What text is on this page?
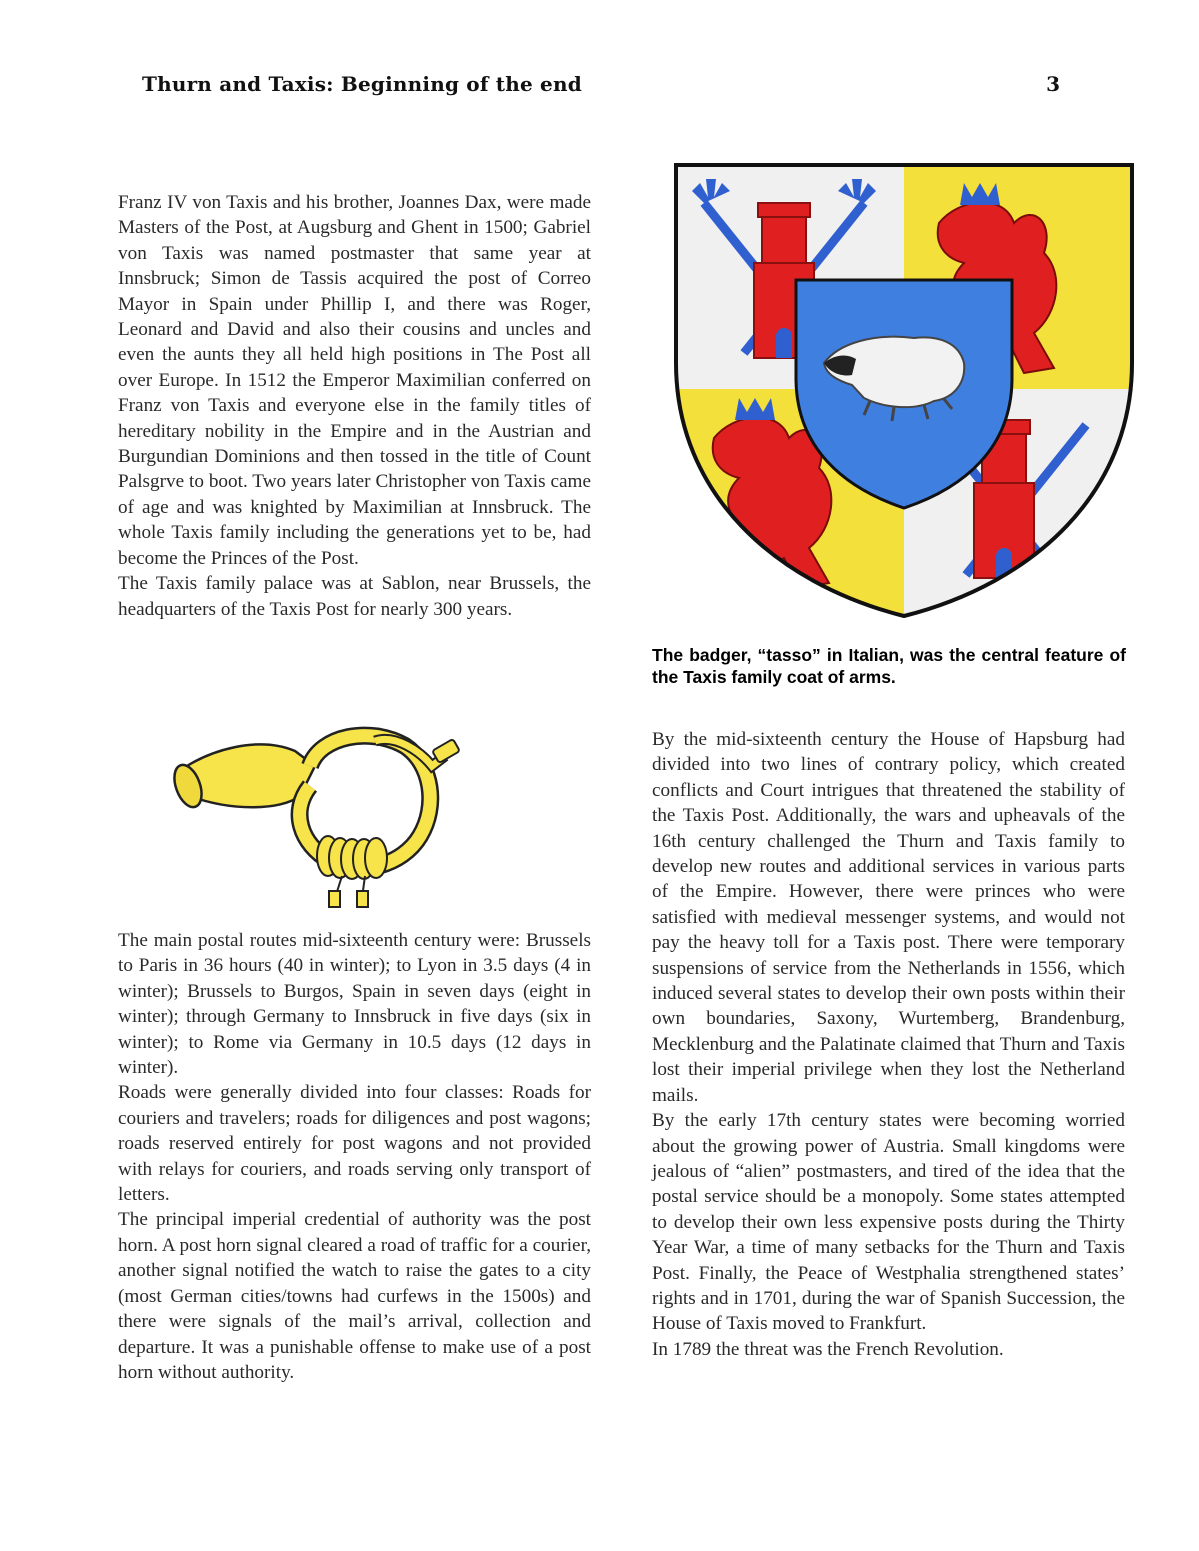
Thurn and Taxis: Beginning of the end	3

Franz IV von Taxis and his brother, Joannes Dax, were made Masters of the Post, at Augsburg and Ghent in 1500; Gabriel von Taxis was named postmaster that same year at Innsbruck; Simon de Tassis acquired the post of Correo Mayor in Spain under Phillip I, and there was Roger, Leonard and David and also their cousins and uncles and even the aunts they all held high positions in The Post all over Europe. In 1512 the Emperor Maximilian conferred on Franz von Taxis and everyone else in the family titles of hereditary nobility in the Empire and in the Austrian and Burgundian Dominions and then tossed in the title of Count Palsgrve to boot. Two years later Christopher von Taxis came of age and was knighted by Maximilian at Innsbruck. The whole Taxis family including the generations yet to be, had become the Princes of the Post.

The Taxis family palace was at Sablon, near Brussels, the headquarters of the Taxis Post for nearly 300 years.

The badger, “tasso” in Italian, was the central feature of the Taxis family coat of arms.

The main postal routes mid-sixteenth century were: Brussels to Paris in 36 hours (40 in winter); to Lyon in 3.5 days (4 in winter); Brussels to Burgos, Spain in seven days (eight in winter); through Germany to Innsbruck in five days (six in winter); to Rome via Germany in 10.5 days (12 days in winter).

Roads were generally divided into four classes: Roads for couriers and travelers; roads for diligences and post wagons; roads reserved entirely for post wagons and not provided with relays for couriers, and roads serving only transport of letters.

The principal imperial credential of authority was the post horn. A post horn signal cleared a road of traffic for a courier, another signal notified the watch to raise the gates to a city (most German cities/towns had curfews in the 1500s) and there were signals of the mail’s arrival, collection and departure. It was a punishable offense to make use of a post horn without authority.

By the mid-sixteenth century the House of Hapsburg had divided into two lines of contrary policy, which created conflicts and Court intrigues that threatened the stability of the Taxis Post. Additionally, the wars and upheavals of the 16th century challenged the Thurn and Taxis family to develop new routes and additional services in various parts of the Empire. However, there were princes who were satisfied with medieval messenger systems, and would not pay the heavy toll for a Taxis post. There were temporary suspensions of service from the Netherlands in 1556, which induced several states to develop their own posts within their own boundaries, Saxony, Wurtemberg, Brandenburg, Mecklenburg and the Palatinate claimed that Thurn and Taxis lost their imperial privilege when they lost the Netherland mails.

By the early 17th century states were becoming worried about the growing power of Austria. Small kingdoms were jealous of “alien” postmasters, and tired of the idea that the postal service should be a monopoly. Some states attempted to develop their own less expensive posts during the Thirty Year War, a time of many setbacks for the Thurn and Taxis Post. Finally, the Peace of Westphalia strengthened states’ rights and in 1701, during the war of Spanish Succession, the House of Taxis moved to Frankfurt.

In 1789 the threat was the French Revolution.
